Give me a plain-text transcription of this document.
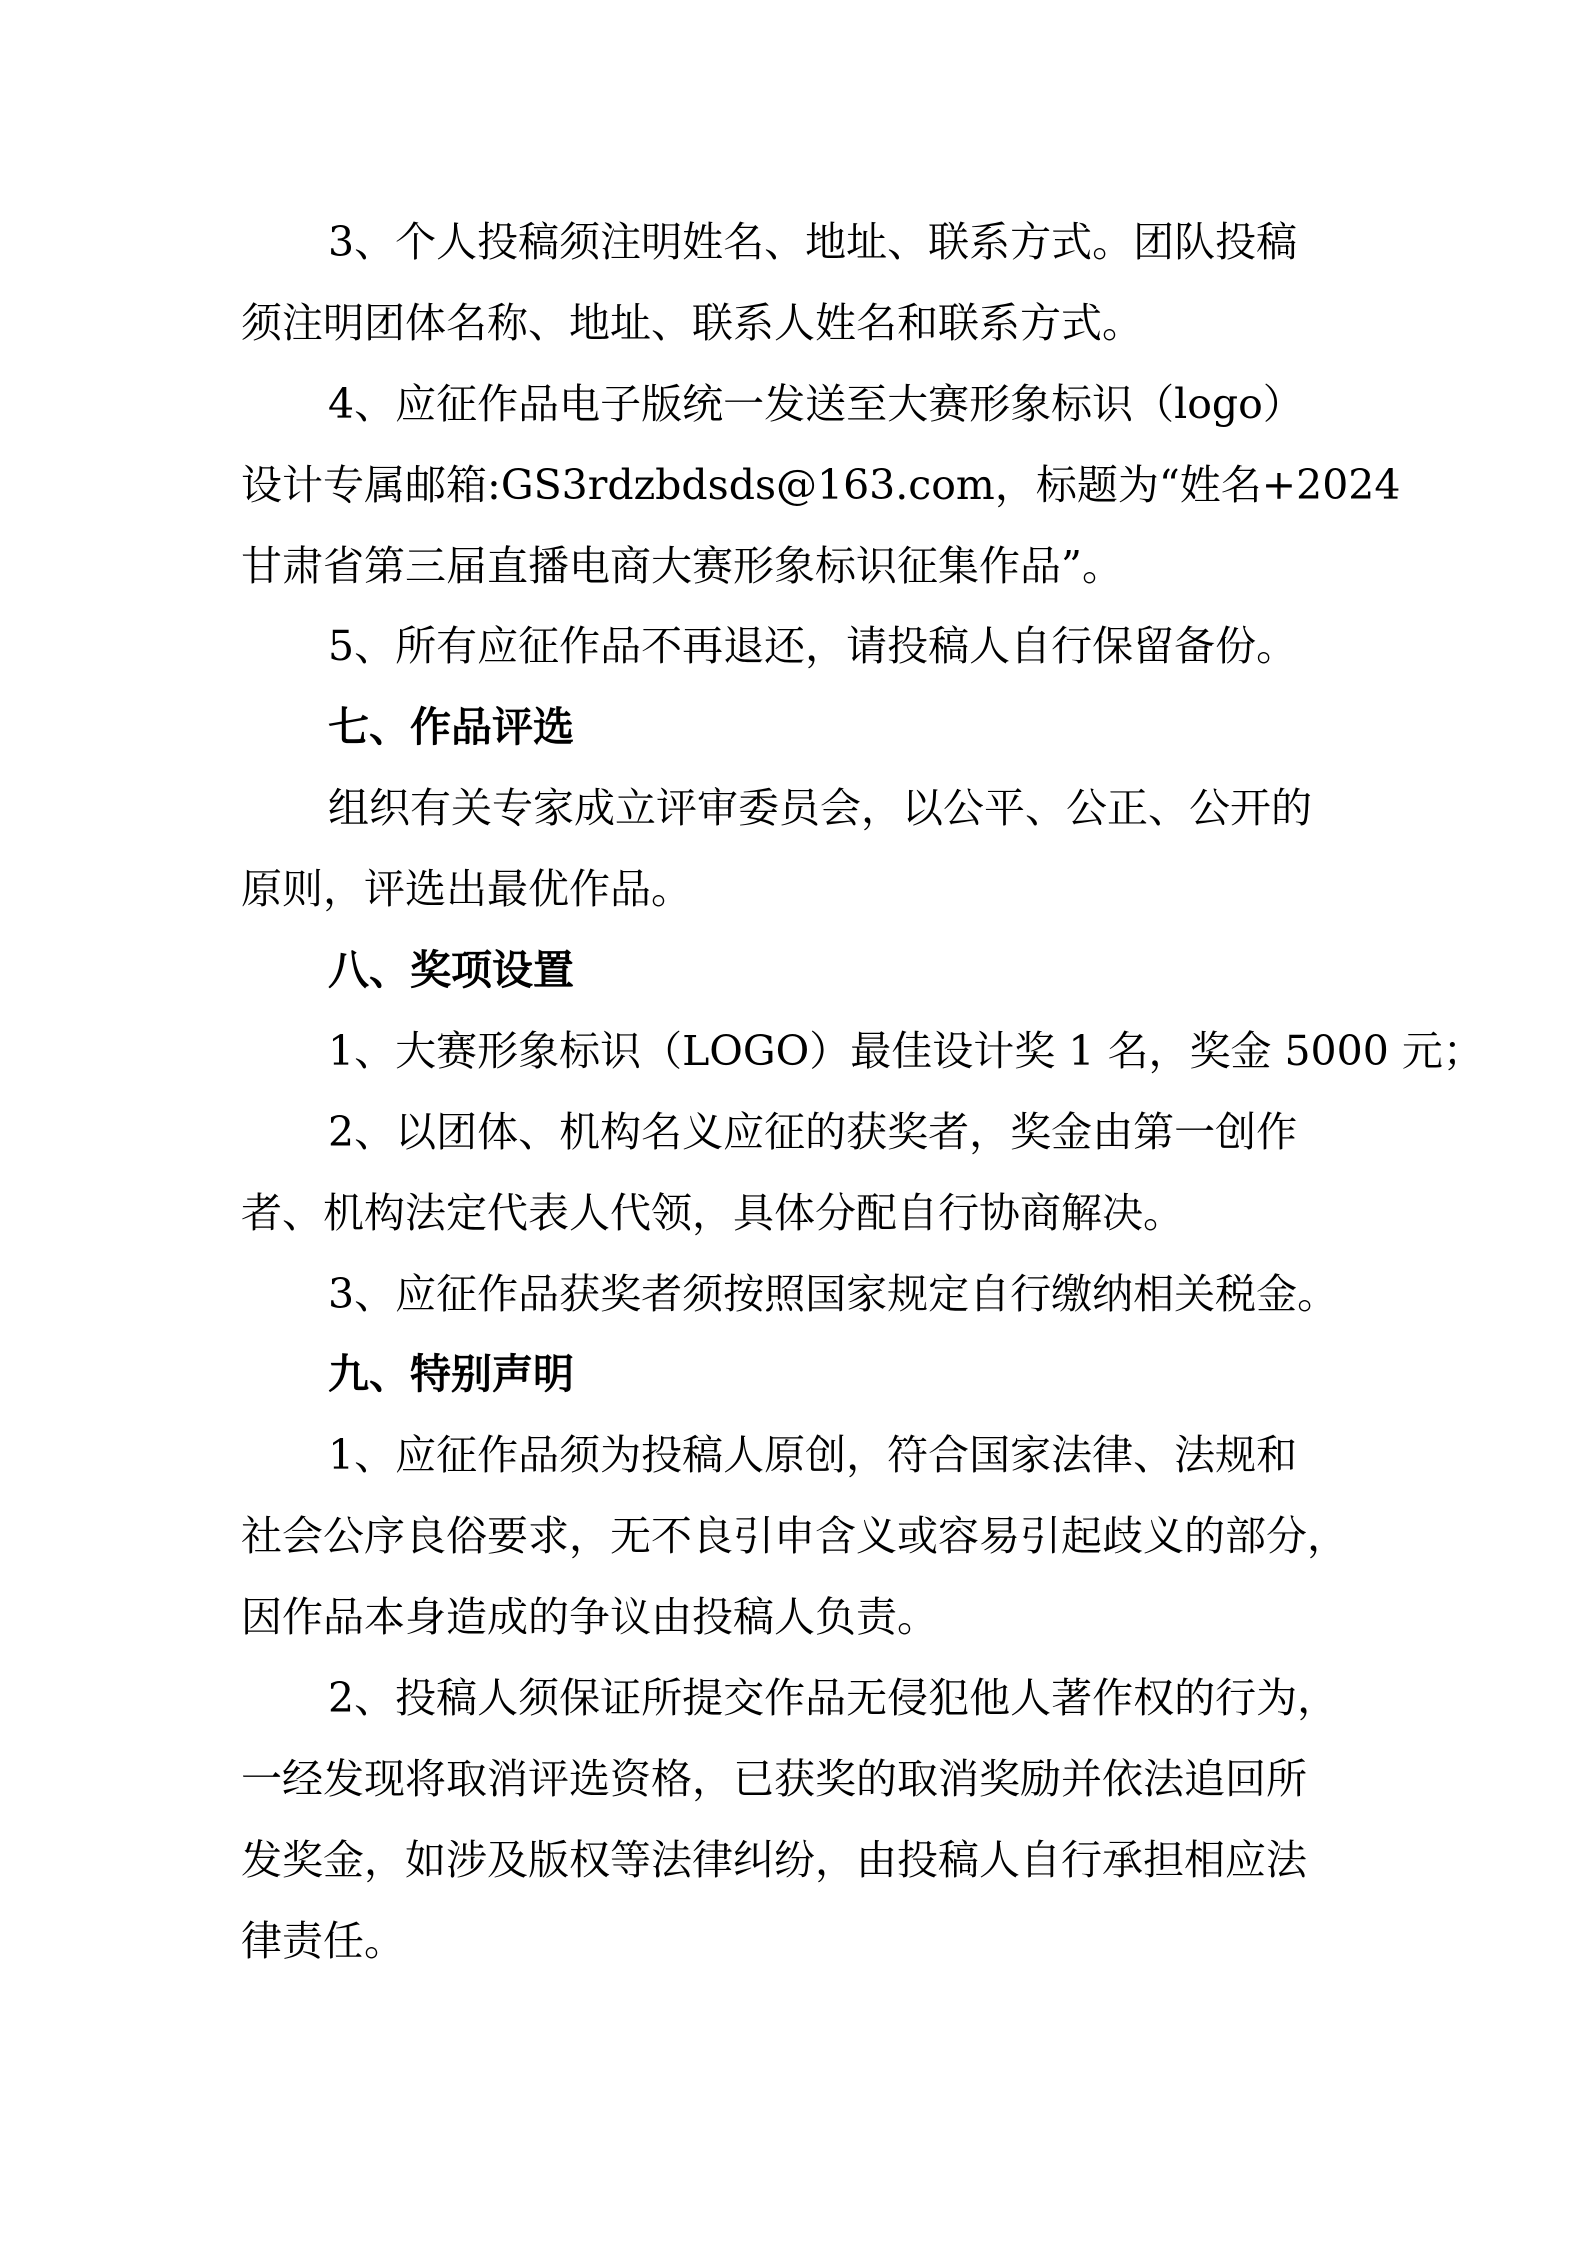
3、个人投稿须注明姓名、地址、联系方式。团队投稿
须注明团体名称、地址、联系人姓名和联系方式。
4、应征作品电子版统一发送至大赛形象标识（logo）
设计专属邮箱:GS3rdzbdsds@163.com，标题为“姓名+2024
甘肃省第三届直播电商大赛形象标识征集作品”。
5、所有应征作品不再退还，请投稿人自行保留备份。
七、作品评选
组织有关专家成立评审委员会，以公平、公正、公开的
原则，评选出最优作品。
八、奖项设置
1、大赛形象标识（LOGO）最佳设计奖 1 名，奖金 5000 元；
2、以团体、机构名义应征的获奖者，奖金由第一创作
者、机构法定代表人代领，具体分配自行协商解决。
3、应征作品获奖者须按照国家规定自行缴纳相关税金。
九、特别声明
1、应征作品须为投稿人原创，符合国家法律、法规和
社会公序良俗要求，无不良引申含义或容易引起歧义的部分，
因作品本身造成的争议由投稿人负责。
2、投稿人须保证所提交作品无侵犯他人著作权的行为，
一经发现将取消评选资格，已获奖的取消奖励并依法追回所
发奖金，如涉及版权等法律纠纷，由投稿人自行承担相应法
律责任。
